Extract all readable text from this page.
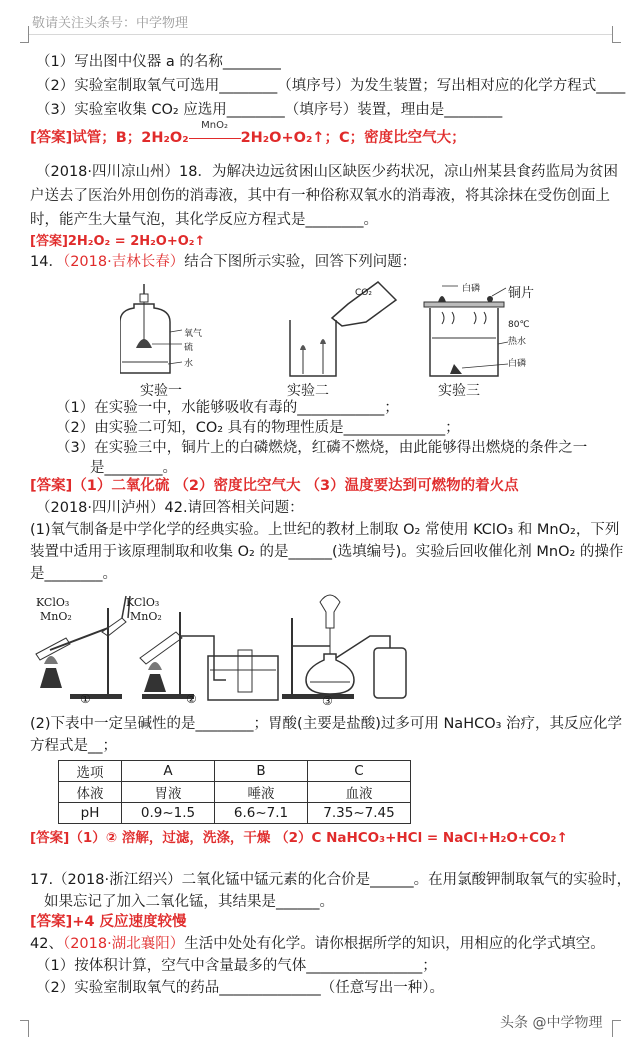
敬请关注头条号：中学物理
（1）写出图中仪器 a 的名称________
（2）实验室制取氧气可选用________（填序号）为发生装置；写出相对应的化学方程式____
（3）实验室收集 CO₂ 应选用________（填序号）装置，理由是________
[答案]试管；B；2H₂O₂
MnO₂
2H₂O+O₂↑；C；密度比空气大；
（2018·四川凉山州）18．为解决边远贫困山区缺医少药状况，凉山州某县食药监局为贫困
户送去了医治外用创伤的消毒液，其中有一种俗称双氧水的消毒液，将其涂抹在受伤创面上
时，能产生大量气泡，其化学反应方程式是________。
[答案]2H₂O₂ = 2H₂O+O₂↑
14．（2018·吉林长春）结合下图所示实验，回答下列问题：
氧气
硫
水
CO₂	白磷 铜片
80℃
热水
白磷
实验一	实验二	实验三
（1）在实验一中，水能够吸收有毒的____________；
（2）由实验二可知，CO₂ 具有的物理性质是______________；
（3）在实验三中，铜片上的白磷燃烧，红磷不燃烧，由此能够得出燃烧的条件之一
是________。
[答案]（1）二氧化硫 （2）密度比空气大 （3）温度要达到可燃物的着火点
（2018·四川泸州）42.请回答相关问题：
(1)氧气制备是中学化学的经典实验。上世纪的教材上制取 O₂ 常使用 KClO₃ 和 MnO₂，下列
装置中适用于该原理制取和收集 O₂ 的是______(选填编号)。实验后回收催化剂 MnO₂ 的操作
是________。
KClO₃
MnO₂
KClO₃
MnO₂
①	②	③
(2)下表中一定呈碱性的是________；胃酸(主要是盐酸)过多可用 NaHCO₃ 治疗，其反应化学
方程式是__；
选项	A	B	C
体液	胃液	唾液	血液
pH	0.9~1.5	6.6~7.1	7.35~7.45
[答案]（1）② 溶解，过滤，洗涤，干燥 （2）C NaHCO₃+HCl = NaCl+H₂O+CO₂↑
17.（2018·浙江绍兴）二氧化锰中锰元素的化合价是______。在用氯酸钾制取氧气的实验时，
如果忘记了加入二氧化锰，其结果是______。
[答案]+4 反应速度较慢
42、（2018·湖北襄阳）生活中处处有化学。请你根据所学的知识，用相应的化学式填空。
（1）按体积计算，空气中含量最多的气体________________；
（2）实验室制取氧气的药品______________（任意写出一种）。
头条 @中学物理
